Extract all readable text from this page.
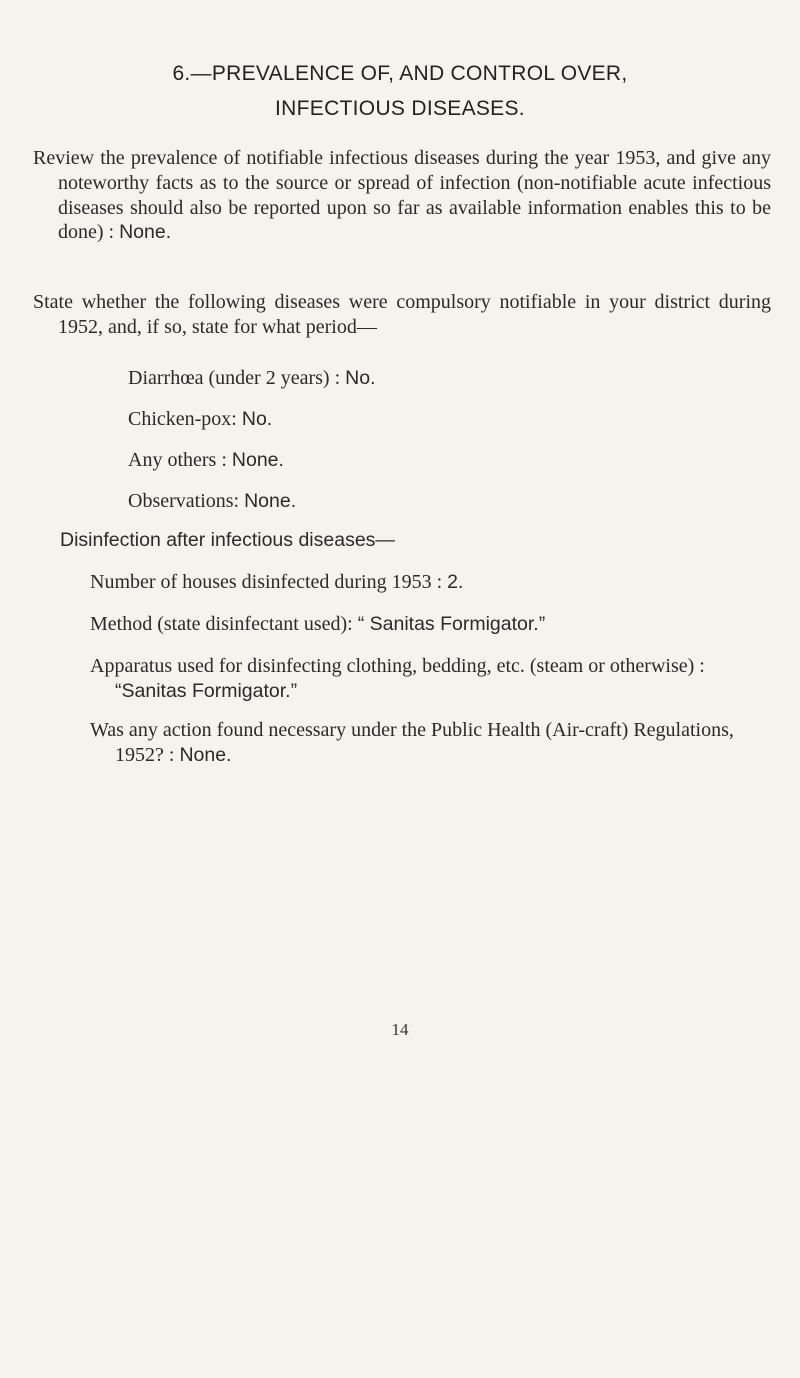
6.—PREVALENCE OF, AND CONTROL OVER,
INFECTIOUS DISEASES.
Review the prevalence of notifiable infectious diseases during the year 1953, and give any noteworthy facts as to the source or spread of infection (non-notifiable acute infectious diseases should also be reported upon so far as available information enables this to be done) : None.
State whether the following diseases were compulsory notifiable in your district during 1952, and, if so, state for what period—
Diarrhœa (under 2 years) : No.
Chicken-pox: No.
Any others : None.
Observations: None.
Disinfection after infectious diseases—
Number of houses disinfected during 1953 : 2.
Method (state disinfectant used): “ Sanitas Formigator.”
Apparatus used for disinfecting clothing, bedding, etc. (steam or otherwise) : “Sanitas Formigator.”
Was any action found necessary under the Public Health (Air-craft) Regulations, 1952? : None.
14
